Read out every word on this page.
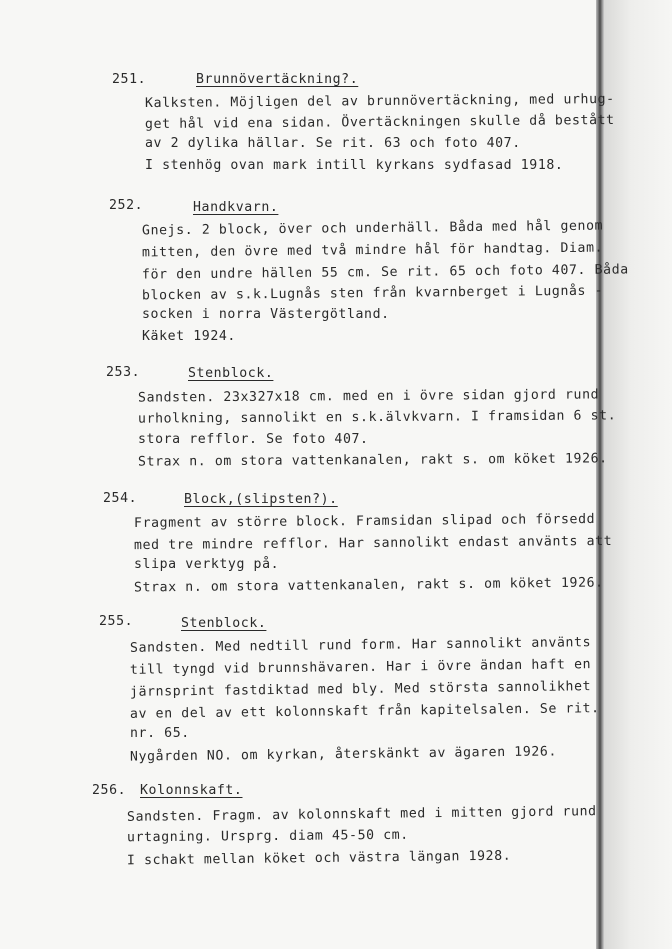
251.	Brunnövertäckning?.
Kalksten. Möjligen del av brunnövertäckning, med urhug-
get hål vid ena sidan. Övertäckningen skulle då bestått
av 2 dylika hällar. Se rit. 63 och foto 407.
I stenhög ovan mark intill kyrkans sydfasad 1918.
252.	Handkvarn.
Gnejs. 2 block, över och underhäll. Båda med hål genom
mitten, den övre med två mindre hål för handtag. Diam.
för den undre hällen 55 cm. Se rit. 65 och foto 407. Båda
blocken av s.k.Lugnås sten från kvarnberget i Lugnås -
socken i norra Västergötland.
Käket 1924.
253.	Stenblock.
Sandsten. 23x327x18 cm. med en i övre sidan gjord rund
urholkning, sannolikt en s.k.älvkvarn. I framsidan 6 st.
stora refflor. Se foto 407.
Strax n. om stora vattenkanalen, rakt s. om köket 1926.
254.	Block,(slipsten?).
Fragment av större block. Framsidan slipad och försedd
med tre mindre refflor. Har sannolikt endast använts att
slipa verktyg på.
Strax n. om stora vattenkanalen, rakt s. om köket 1926.
255.	Stenblock.
Sandsten. Med nedtill rund form. Har sannolikt använts
till tyngd vid brunnshävaren. Har i övre ändan haft en
järnsprint fastdiktad med bly. Med största sannolikhet
av en del av ett kolonnskaft från kapitelsalen. Se rit.
nr. 65.
Nygården NO. om kyrkan, återskänkt av ägaren 1926.
256. Kolonnskaft.
Sandsten. Fragm. av kolonnskaft med i mitten gjord rund
urtagning. Ursprg. diam 45-50 cm.
I schakt mellan köket och västra längan 1928.
